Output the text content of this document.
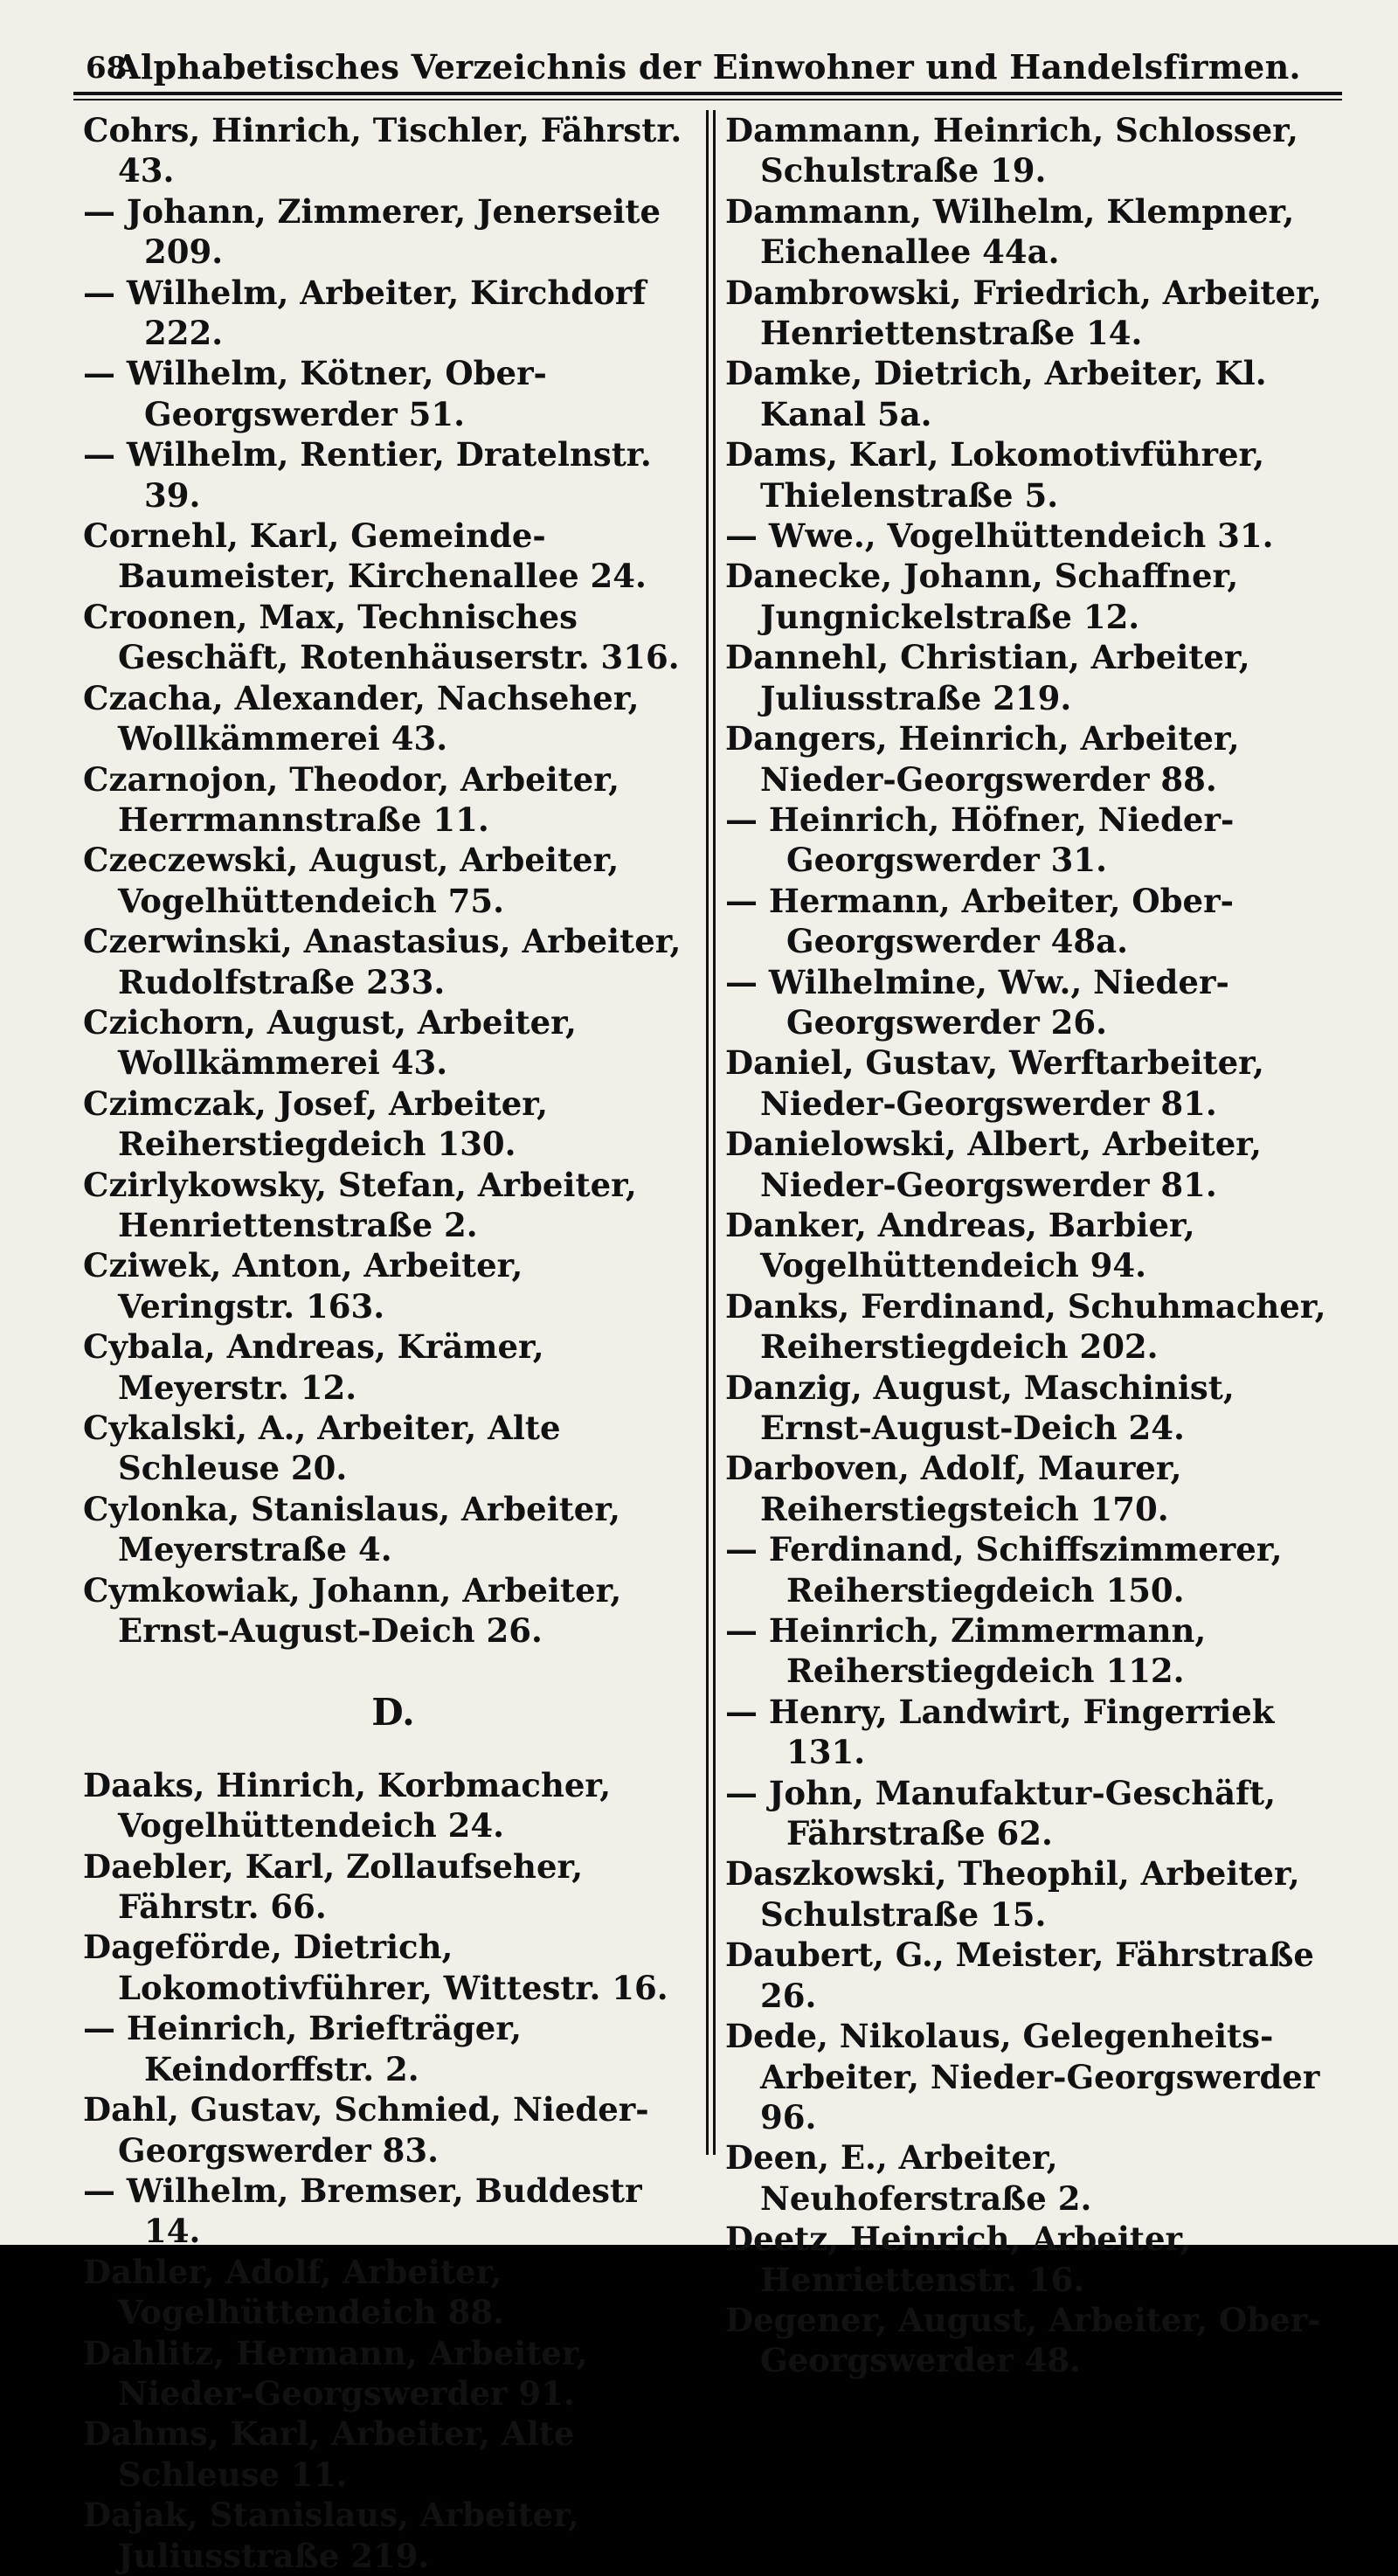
68
Alphabetisches Verzeichnis der Einwohner und Handelsfirmen.

Cohrs, Hinrich, Tischler, Fährstr. 43.

— Johann, Zimmerer, Jenerseite 209.

— Wilhelm, Arbeiter, Kirchdorf 222.

— Wilhelm, Kötner, Ober-Georgswerder 51.

— Wilhelm, Rentier, Dratelnstr. 39.

Cornehl, Karl, Gemeinde-Baumeister, Kirchenallee 24.

Croonen, Max, Technisches Geschäft, Rotenhäuserstr. 316.

Czacha, Alexander, Nachseher, Wollkämmerei 43.

Czarnojon, Theodor, Arbeiter, Herrmannstraße 11.

Czeczewski, August, Arbeiter, Vogelhüttendeich 75.

Czerwinski, Anastasius, Arbeiter, Rudolfstraße 233.

Czichorn, August, Arbeiter, Wollkämmerei 43.

Czimczak, Josef, Arbeiter, Reiherstiegdeich 130.

Czirlykowsky, Stefan, Arbeiter, Henriettenstraße 2.

Cziwek, Anton, Arbeiter, Veringstr. 163.

Cybala, Andreas, Krämer, Meyerstr. 12.

Cykalski, A., Arbeiter, Alte Schleuse 20.

Cylonka, Stanislaus, Arbeiter, Meyerstraße 4.

Cymkowiak, Johann, Arbeiter, Ernst-August-Deich 26.

D.

Daaks, Hinrich, Korbmacher, Vogelhüttendeich 24.

Daebler, Karl, Zollaufseher, Fährstr. 66.

Dageförde, Dietrich, Lokomotivführer, Wittestr. 16.

— Heinrich, Briefträger, Keindorffstr. 2.

Dahl, Gustav, Schmied, Nieder-Georgswerder 83.

— Wilhelm, Bremser, Buddestr 14.

Dahler, Adolf, Arbeiter, Vogelhüttendeich 88.

Dahlitz, Hermann, Arbeiter, Nieder-Georgswerder 91.

Dahms, Karl, Arbeiter, Alte Schleuse 11.

Dajak, Stanislaus, Arbeiter, Juliusstraße 219.

Dammann, Heinrich, Schlosser, Schulstraße 19.

Dammann, Wilhelm, Klempner, Eichenallee 44a.

Dambrowski, Friedrich, Arbeiter, Henriettenstraße 14.

Damke, Dietrich, Arbeiter, Kl. Kanal 5a.

Dams, Karl, Lokomotivführer, Thielenstraße 5.

— Wwe., Vogelhüttendeich 31.

Danecke, Johann, Schaffner, Jungnickelstraße 12.

Dannehl, Christian, Arbeiter, Juliusstraße 219.

Dangers, Heinrich, Arbeiter, Nieder-Georgswerder 88.

— Heinrich, Höfner, Nieder-Georgswerder 31.

— Hermann, Arbeiter, Ober-Georgswerder 48a.

— Wilhelmine, Ww., Nieder-Georgswerder 26.

Daniel, Gustav, Werftarbeiter, Nieder-Georgswerder 81.

Danielowski, Albert, Arbeiter, Nieder-Georgswerder 81.

Danker, Andreas, Barbier, Vogelhüttendeich 94.

Danks, Ferdinand, Schuhmacher, Reiherstiegdeich 202.

Danzig, August, Maschinist, Ernst-August-Deich 24.

Darboven, Adolf, Maurer, Reiherstiegsteich 170.

— Ferdinand, Schiffszimmerer, Reiherstiegdeich 150.

— Heinrich, Zimmermann, Reiherstiegdeich 112.

— Henry, Landwirt, Fingerriek 131.

— John, Manufaktur-Geschäft, Fährstraße 62.

Daszkowski, Theophil, Arbeiter, Schulstraße 15.

Daubert, G., Meister, Fährstraße 26.

Dede, Nikolaus, Gelegenheits-Arbeiter, Nieder-Georgswerder 96.

Deen, E., Arbeiter, Neuhoferstraße 2.

Deetz, Heinrich, Arbeiter, Henriettenstr. 16.

Degener, August, Arbeiter, Ober-Georgswerder 48.
